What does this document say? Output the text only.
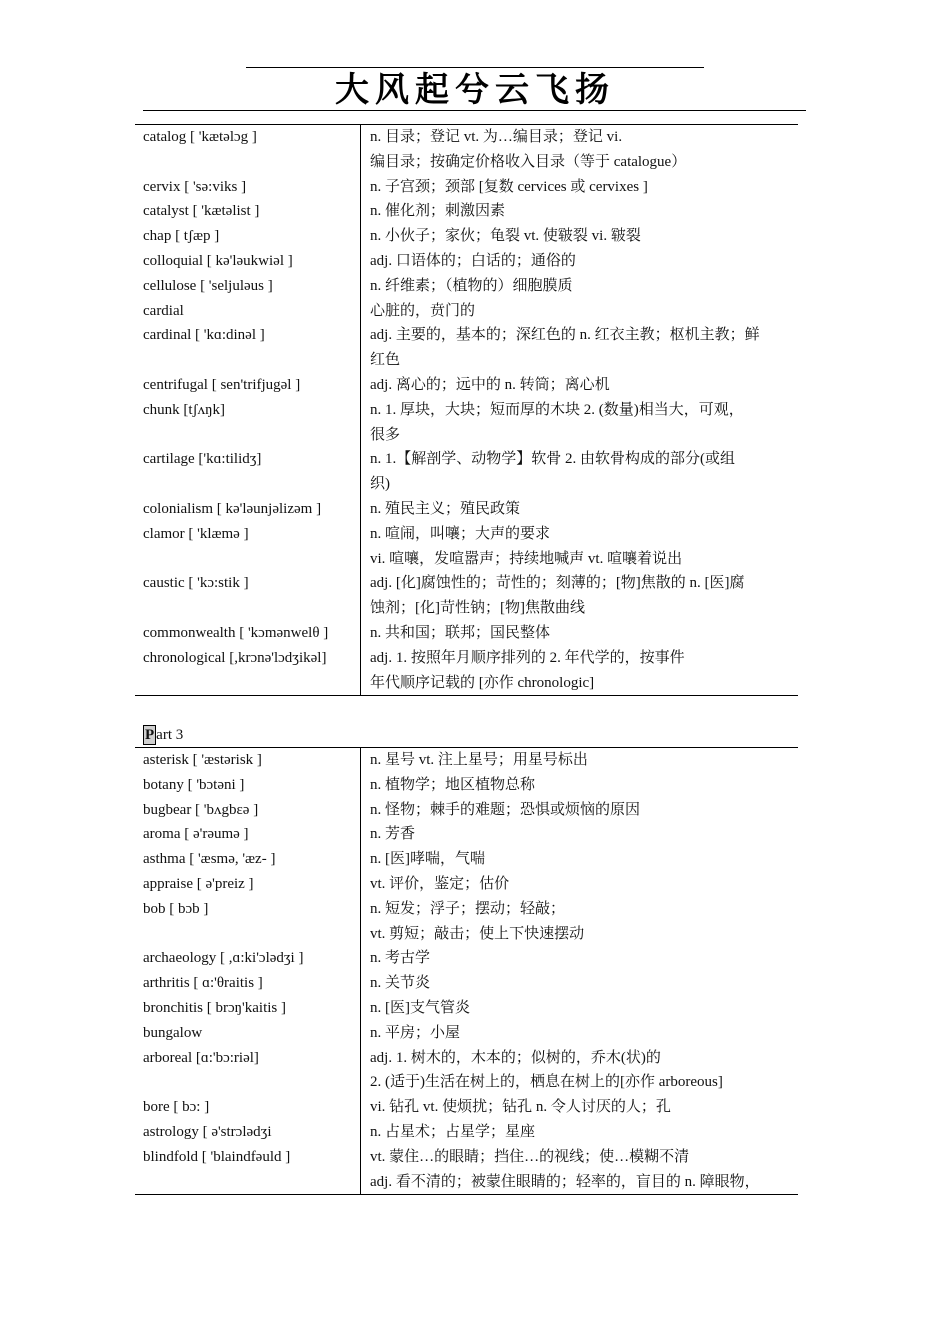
大风起兮云飞扬
catalog [ 'kætəlɔg ]	n. 目录；登记 vt. 为…编目录；登记 vi.
编目录；按确定价格收入目录（等于 catalogue）
cervix [ 'sə:viks ]	n. 子宫颈；颈部 [复数 cervices 或 cervixes ]
catalyst [ 'kætəlist ]	n. 催化剂；刺激因素
chap [ tʃæp ]	n. 小伙子；家伙；龟裂 vt. 使皲裂 vi. 皲裂
colloquial [ kə'ləukwiəl ]	adj. 口语体的；白话的；通俗的
cellulose [ 'seljuləus ]	n. 纤维素；（植物的）细胞膜质
cardial	心脏的，贲门的
cardinal [ 'kɑ:dinəl ]	adj. 主要的，基本的；深红色的 n. 红衣主教；枢机主教；鲜
红色
centrifugal [ sen'trifjugəl ]	adj. 离心的；远中的 n. 转筒；离心机
chunk [tʃʌŋk]	n. 1. 厚块，大块；短而厚的木块 2. (数量)相当大，可观，
很多
cartilage ['kɑ:tilidʒ]	n. 1.【解剖学、动物学】软骨 2. 由软骨构成的部分(或组
织)
colonialism [ kə'ləunjəlizəm ]	n. 殖民主义；殖民政策
clamor [ 'klæmə ]	n. 喧闹，叫嚷；大声的要求
vi. 喧嚷，发喧嚣声；持续地喊声 vt. 喧嚷着说出
caustic [ 'kɔ:stik ]	adj. [化]腐蚀性的；苛性的；刻薄的；[物]焦散的 n. [医]腐
蚀剂；[化]苛性钠；[物]焦散曲线
commonwealth [ 'kɔmənwelθ ]	n. 共和国；联邦；国民整体
chronological [,krɔnə'lɔdʒikəl]	adj. 1. 按照年月顺序排列的 2. 年代学的，按事件
年代顺序记载的 [亦作 chronologic]
P art 3
asterisk [ 'æstərisk ]	n. 星号 vt. 注上星号；用星号标出
botany [ 'bɔtəni ]	n. 植物学；地区植物总称
bugbear [ 'bʌgbɛə ]	n. 怪物；棘手的难题；恐惧或烦恼的原因
aroma [ ə'rəumə ]	n. 芳香
asthma [ 'æsmə, 'æz- ]	n. [医]哮喘，气喘
appraise [ ə'preiz ]	vt. 评价，鉴定；估价
bob [ bɔb ]	n. 短发；浮子；摆动；轻敲；
vt. 剪短；敲击；使上下快速摆动
archaeology [ ,ɑ:ki'ɔlədʒi ]	n. 考古学
arthritis [ ɑ:'θraitis ]	n. 关节炎
bronchitis [ brɔŋ'kaitis ]	n. [医]支气管炎
bungalow	n. 平房；小屋
arboreal [ɑ:'bɔ:riəl]	adj. 1. 树木的，木本的；似树的，乔木(状)的
2. (适于)生活在树上的，栖息在树上的[亦作 arboreous]
bore [ bɔ: ]	vi. 钻孔 vt. 使烦扰；钻孔 n. 令人讨厌的人；孔
astrology [ ə'strɔlədʒi	n. 占星术；占星学；星座
blindfold [ 'blaindfəuld ]	vt. 蒙住…的眼睛；挡住…的视线；使…模糊不清
adj. 看不清的；被蒙住眼睛的；轻率的，盲目的 n. 障眼物，
